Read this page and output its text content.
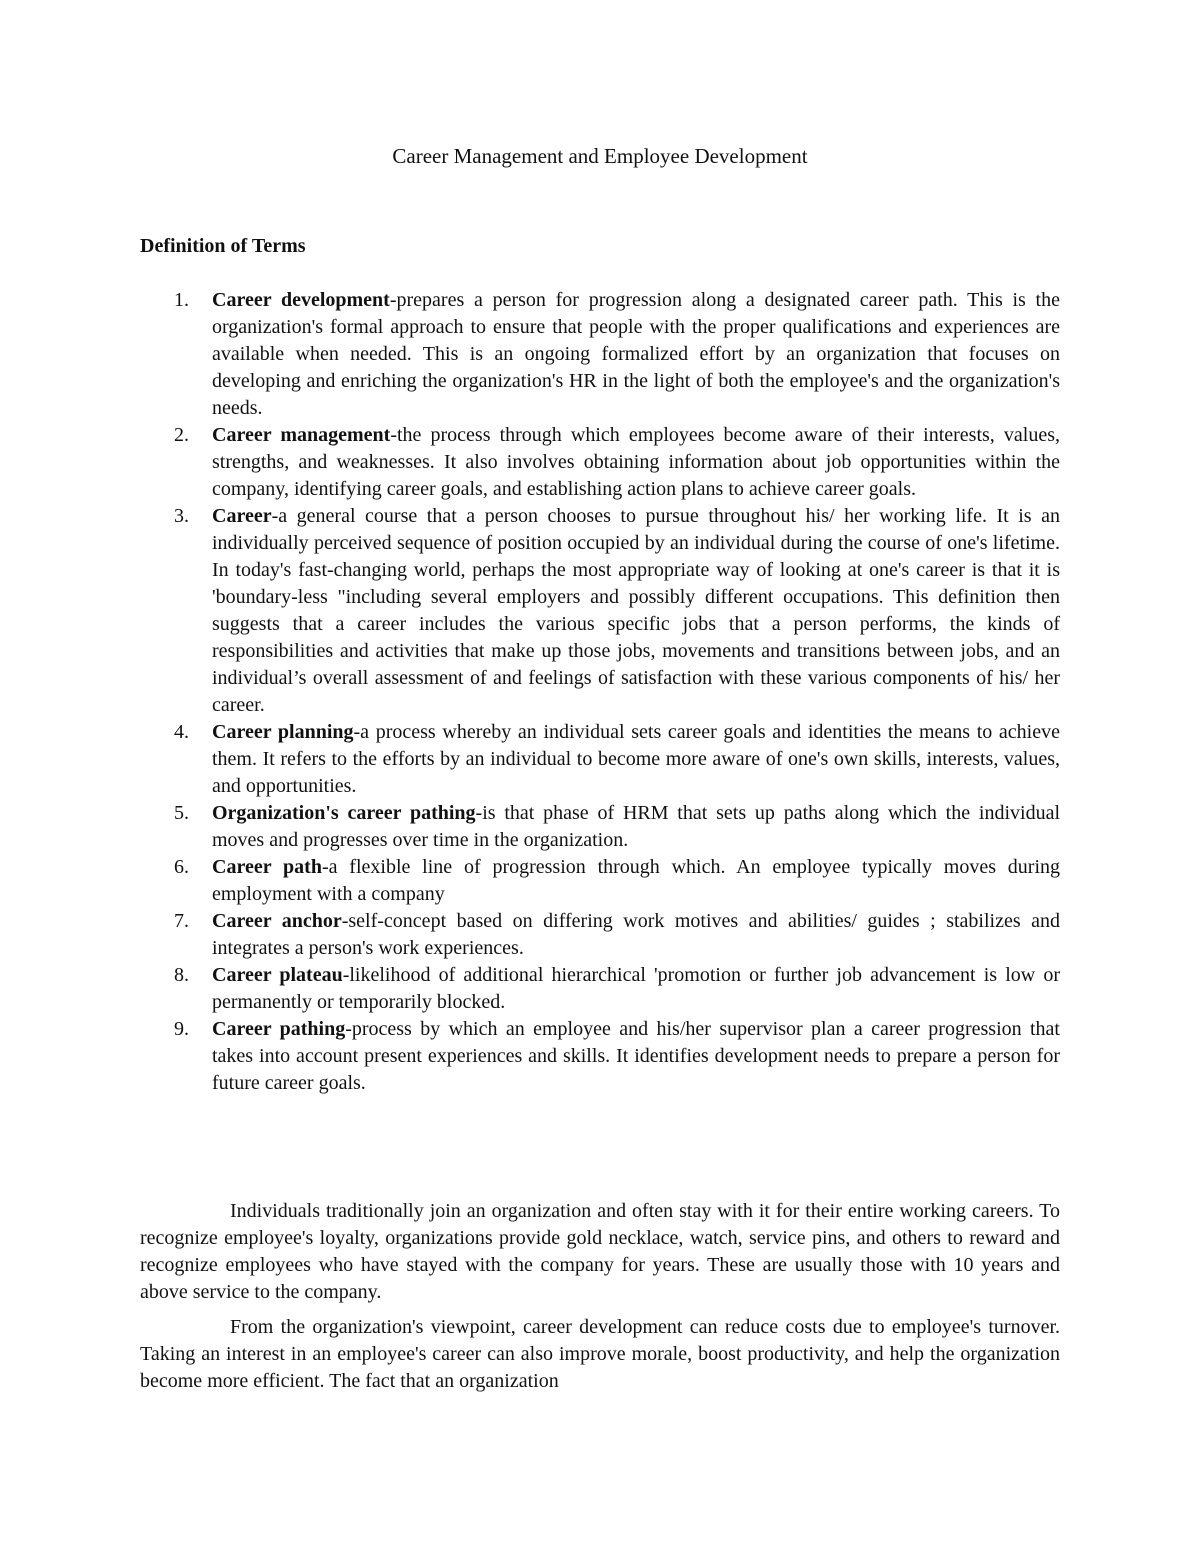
Career Management and Employee Development
Definition of Terms
1. Career development-prepares a person for progression along a designated career path. This is the organization's formal approach to ensure that people with the proper qualifications and experiences are available when needed. This is an ongoing formalized effort by an organization that focuses on developing and enriching the organization's HR in the light of both the employee's and the organization's needs.
2. Career management-the process through which employees become aware of their interests, values, strengths, and weaknesses. It also involves obtaining information about job opportunities within the company, identifying career goals, and establishing action plans to achieve career goals.
3. Career-a general course that a person chooses to pursue throughout his/ her working life. It is an individually perceived sequence of position occupied by an individual during the course of one's lifetime. In today's fast-changing world, perhaps the most appropriate way of looking at one's career is that it is 'boundary-less "including several employers and possibly different occupations. This definition then suggests that a career includes the various specific jobs that a person performs, the kinds of responsibilities and activities that make up those jobs, movements and transitions between jobs, and an individual’s overall assessment of and feelings of satisfaction with these various components of his/ her career.
4. Career planning-a process whereby an individual sets career goals and identities the means to achieve them. It refers to the efforts by an individual to become more aware of one's own skills, interests, values, and opportunities.
5. Organization's career pathing-is that phase of HRM that sets up paths along which the individual moves and progresses over time in the organization.
6. Career path-a flexible line of progression through which. An employee typically moves during employment with a company
7. Career anchor-self-concept based on differing work motives and abilities/ guides ; stabilizes and integrates a person's work experiences.
8. Career plateau-likelihood of additional hierarchical 'promotion or further job advancement is low or permanently or temporarily blocked.
9. Career pathing-process by which an employee and his/her supervisor plan a career progression that takes into account present experiences and skills. It identifies development needs to prepare a person for future career goals.

Individuals traditionally join an organization and often stay with it for their entire working careers. To recognize employee's loyalty, organizations provide gold necklace, watch, service pins, and others to reward and recognize employees who have stayed with the company for years. These are usually those with 10 years and above service to the company.

From the organization's viewpoint, career development can reduce costs due to employee's turnover. Taking an interest in an employee's career can also improve morale, boost productivity, and help the organization become more efficient. The fact that an organization
